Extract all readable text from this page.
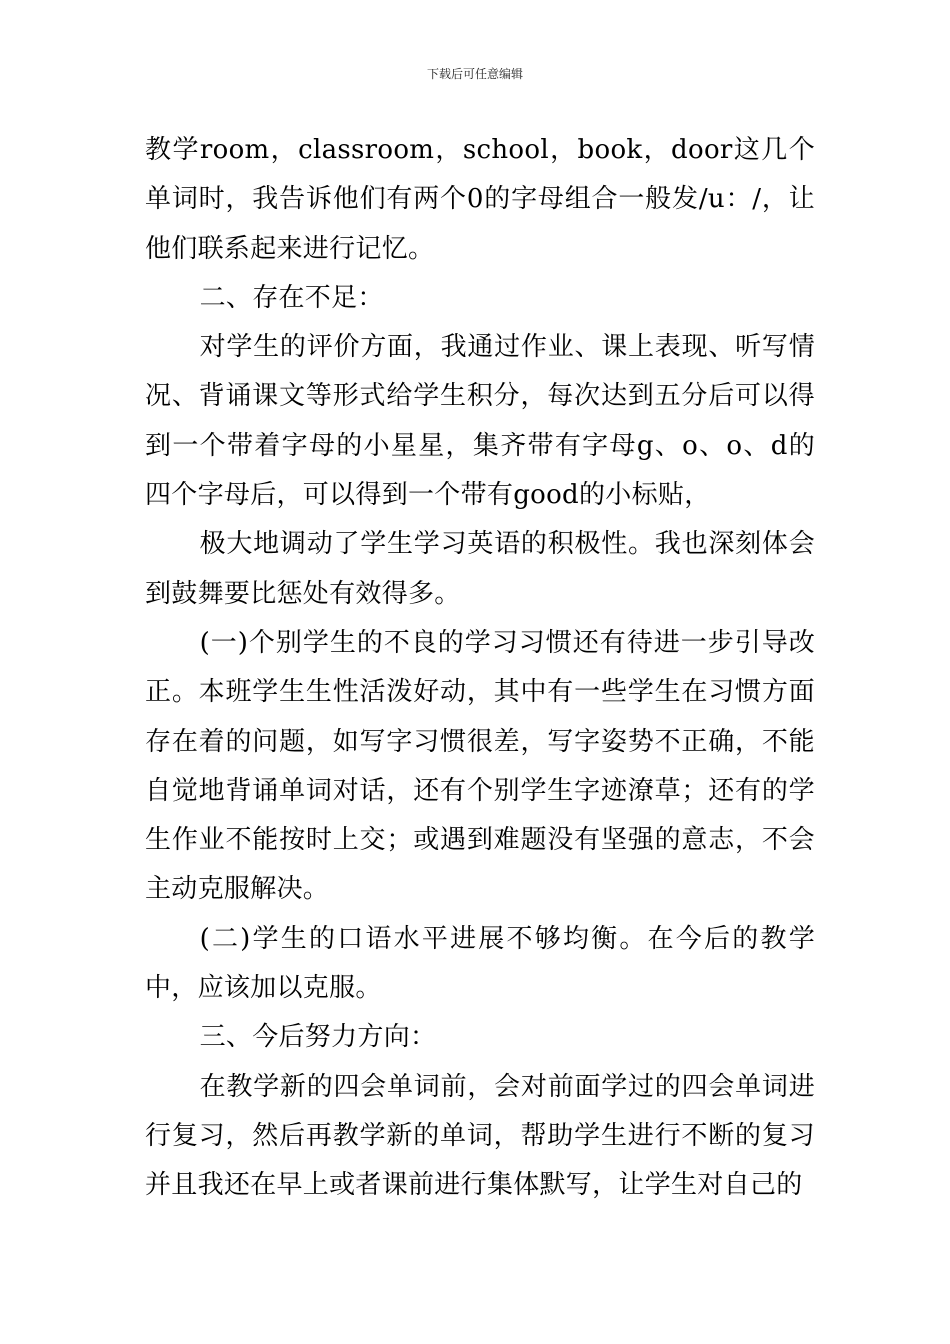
下载后可任意编辑

教学room，classroom，school，book，door这几个单词时，我告诉他们有两个0的字母组合一般发/u：/，让他们联系起来进行记忆。

二、存在不足：

对学生的评价方面，我通过作业、课上表现、听写情况、背诵课文等形式给学生积分，每次达到五分后可以得到一个带着字母的小星星，集齐带有字母g、o、o、d的四个字母后，可以得到一个带有good的小标贴，

极大地调动了学生学习英语的积极性。我也深刻体会到鼓舞要比惩处有效得多。

(一)个别学生的不良的学习习惯还有待进一步引导改正。本班学生生性活泼好动，其中有一些学生在习惯方面存在着的问题，如写字习惯很差，写字姿势不正确，不能自觉地背诵单词对话，还有个别学生字迹潦草；还有的学生作业不能按时上交；或遇到难题没有坚强的意志，不会主动克服解决。

(二)学生的口语水平进展不够均衡。在今后的教学中，应该加以克服。

三、今后努力方向：

在教学新的四会单词前，会对前面学过的四会单词进行复习，然后再教学新的单词，帮助学生进行不断的复习并且我还在早上或者课前进行集体默写，让学生对自己的
